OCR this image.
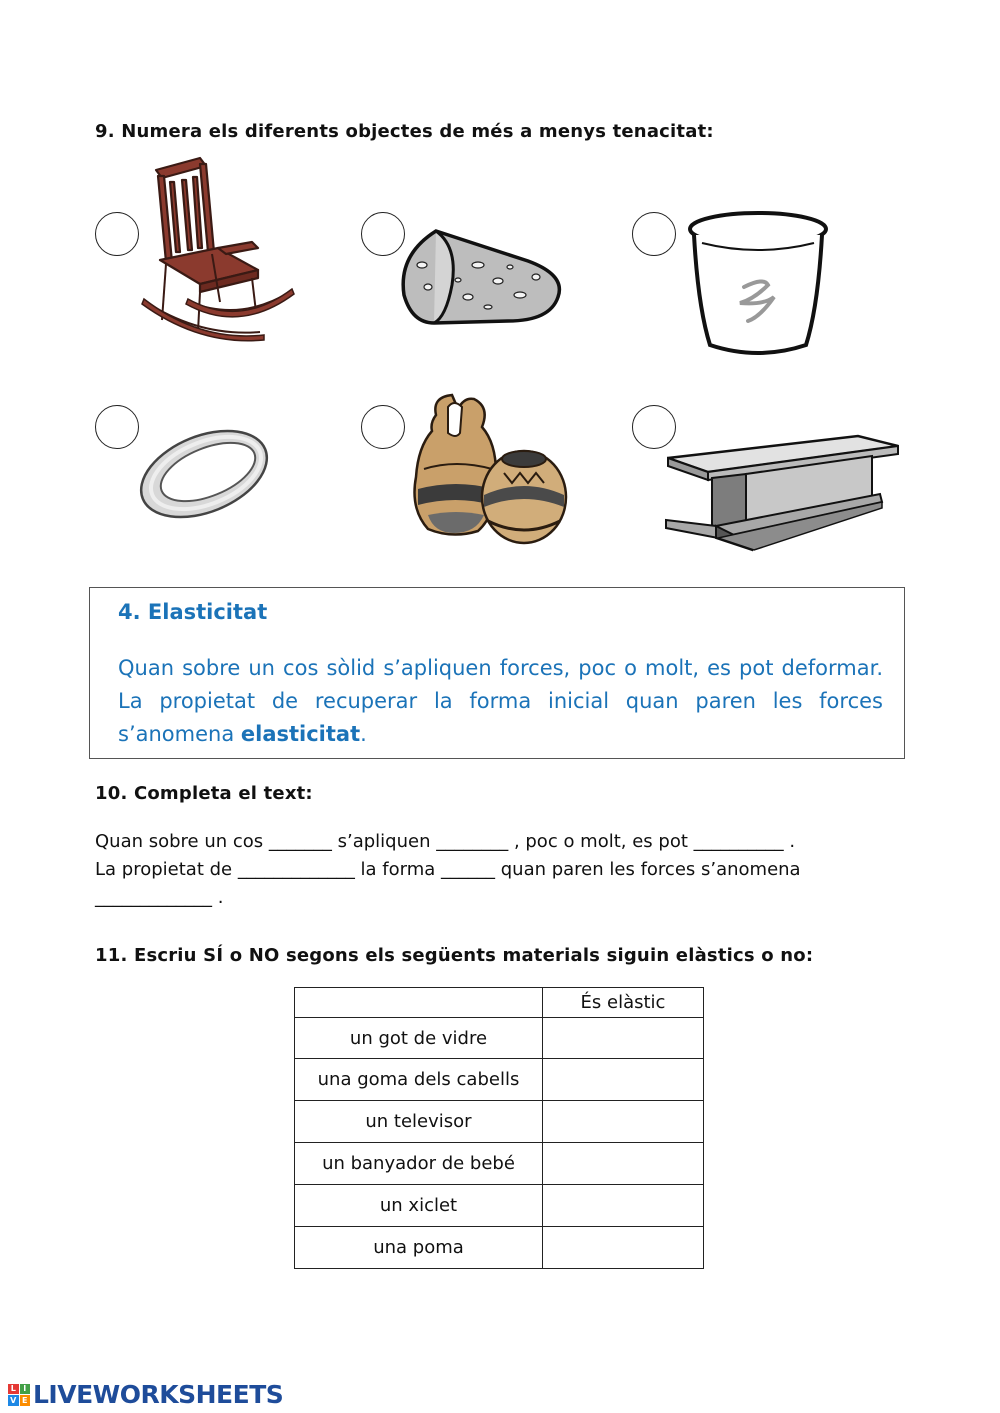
9. Numera els diferents objectes de més a menys tenacitat:
4. Elasticitat
Quan sobre un cos sòlid s’apliquen forces, poc o molt, es pot deformar. La propietat de recuperar la forma inicial quan paren les forces s’anomena elasticitat.
10. Completa el text:
Quan sobre un cos _______ s’apliquen ________ , poc o molt, es pot __________ .
La propietat de _____________ la forma ______ quan paren les forces s’anomena
_____________ .
11. Escriu SÍ o NO segons els següents materials siguin elàstics o no:
	És elàstic
un got de vidre	
una goma dels cabells	
un televisor	
un banyador de bebé	
un xiclet	
una poma	
L I
V E LIVEWORKSHEETS
